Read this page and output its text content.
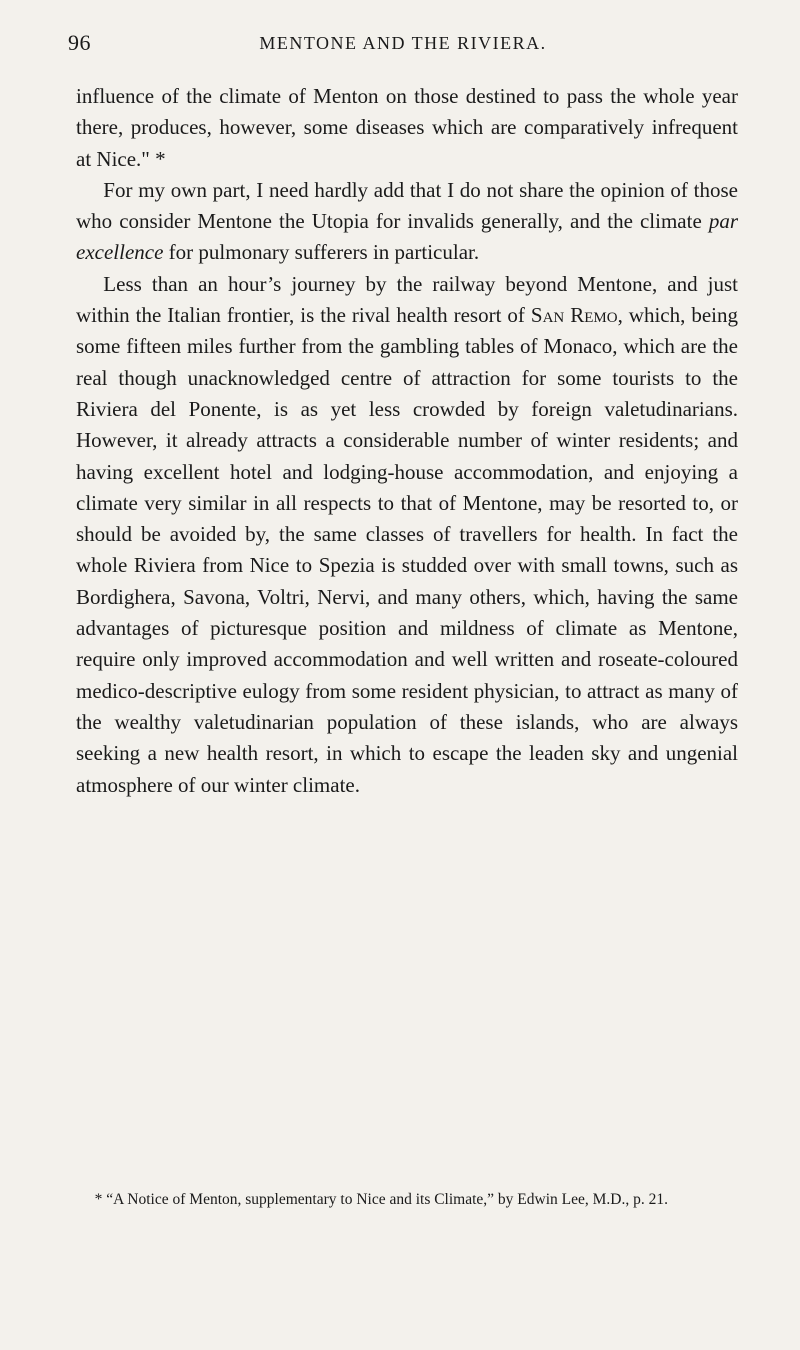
96	MENTONE AND THE RIVIERA.

influence of the climate of Menton on those destined to pass the whole year there, produces, however, some diseases which are comparatively infrequent at Nice." *

For my own part, I need hardly add that I do not share the opinion of those who consider Mentone the Utopia for invalids generally, and the climate par excellence for pulmonary sufferers in particular.

Less than an hour’s journey by the railway beyond Mentone, and just within the Italian frontier, is the rival health resort of San Remo, which, being some fifteen miles further from the gambling tables of Monaco, which are the real though unacknowledged centre of attraction for some tourists to the Riviera del Ponente, is as yet less crowded by foreign valetudinarians. However, it already attracts a considerable number of winter residents; and having excellent hotel and lodging-house accommodation, and enjoying a climate very similar in all respects to that of Mentone, may be resorted to, or should be avoided by, the same classes of travellers for health. In fact the whole Riviera from Nice to Spezia is studded over with small towns, such as Bordighera, Savona, Voltri, Nervi, and many others, which, having the same advantages of picturesque position and mildness of climate as Mentone, require only improved accommodation and well written and roseate-coloured medico-descriptive eulogy from some resident physician, to attract as many of the wealthy valetudinarian population of these islands, who are always seeking a new health resort, in which to escape the leaden sky and ungenial atmosphere of our winter climate.

* “A Notice of Menton, supplementary to Nice and its Climate,” by Edwin Lee, M.D., p. 21.
